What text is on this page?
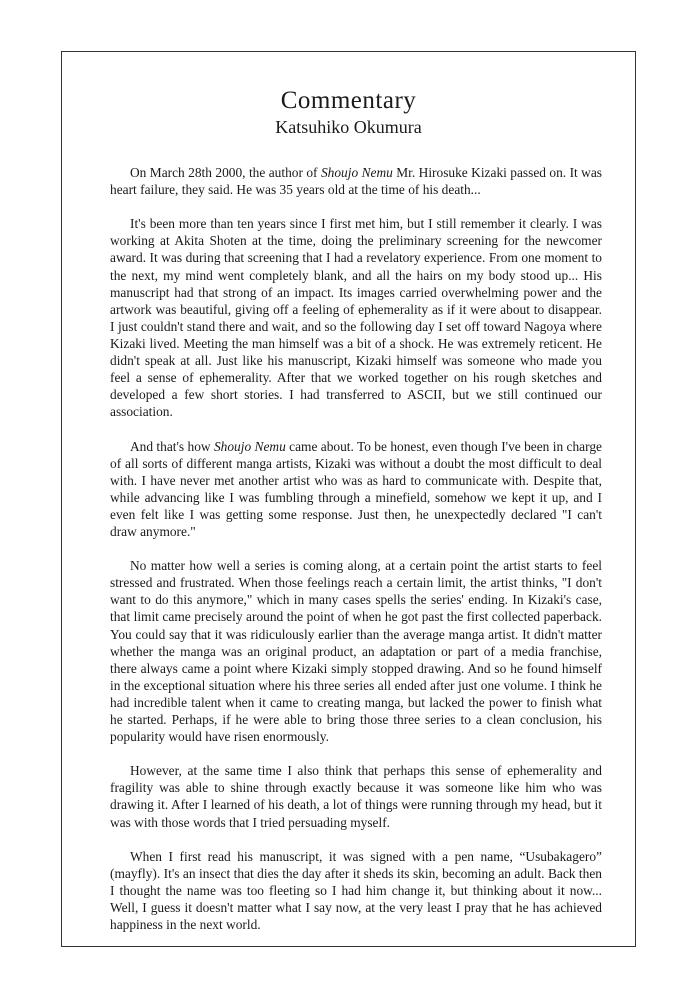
Commentary
Katsuhiko Okumura

On March 28th 2000, the author of Shoujo Nemu Mr. Hirosuke Kizaki passed on. It was heart failure, they said. He was 35 years old at the time of his death...

It's been more than ten years since I first met him, but I still remember it clearly. I was working at Akita Shoten at the time, doing the preliminary screening for the newcomer award. It was during that screening that I had a revelatory experience. From one moment to the next, my mind went completely blank, and all the hairs on my body stood up... His manuscript had that strong of an impact. Its images carried overwhelming power and the artwork was beautiful, giving off a feeling of ephemerality as if it were about to disappear. I just couldn't stand there and wait, and so the following day I set off toward Nagoya where Kizaki lived. Meeting the man himself was a bit of a shock. He was extremely reticent. He didn't speak at all. Just like his manuscript, Kizaki himself was someone who made you feel a sense of ephemerality. After that we worked together on his rough sketches and developed a few short stories. I had transferred to ASCII, but we still continued our association.

And that's how Shoujo Nemu came about. To be honest, even though I've been in charge of all sorts of different manga artists, Kizaki was without a doubt the most difficult to deal with. I have never met another artist who was as hard to communicate with. Despite that, while advancing like I was fumbling through a minefield, somehow we kept it up, and I even felt like I was getting some response. Just then, he unexpectedly declared "I can't draw anymore."

No matter how well a series is coming along, at a certain point the artist starts to feel stressed and frustrated. When those feelings reach a certain limit, the artist thinks, "I don't want to do this anymore," which in many cases spells the series' ending. In Kizaki's case, that limit came precisely around the point of when he got past the first collected paperback. You could say that it was ridiculously earlier than the average manga artist. It didn't matter whether the manga was an original product, an adaptation or part of a media franchise, there always came a point where Kizaki simply stopped drawing. And so he found himself in the exceptional situation where his three series all ended after just one volume. I think he had incredible talent when it came to creating manga, but lacked the power to finish what he started. Perhaps, if he were able to bring those three series to a clean conclusion, his popularity would have risen enormously.

However, at the same time I also think that perhaps this sense of ephemerality and fragility was able to shine through exactly because it was someone like him who was drawing it. After I learned of his death, a lot of things were running through my head, but it was with those words that I tried persuading myself.

When I first read his manuscript, it was signed with a pen name, “Usubakagero” (mayfly). It's an insect that dies the day after it sheds its skin, becoming an adult. Back then I thought the name was too fleeting so I had him change it, but thinking about it now... Well, I guess it doesn't matter what I say now, at the very least I pray that he has achieved happiness in the next world.
